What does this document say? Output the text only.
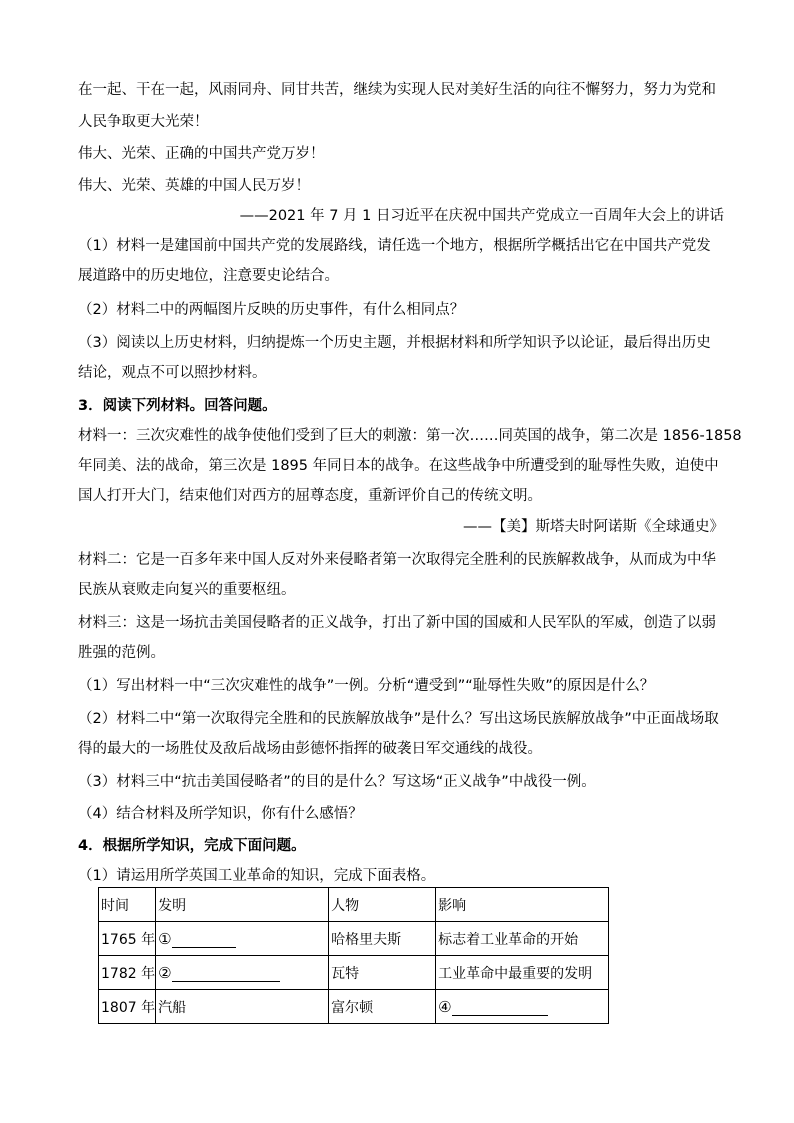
在一起、干在一起，风雨同舟、同甘共苦，继续为实现人民对美好生活的向往不懈努力，努力为党和
人民争取更大光荣！
伟大、光荣、正确的中国共产党万岁！
伟大、光荣、英雄的中国人民万岁！
——2021 年 7 月 1 日习近平在庆祝中国共产党成立一百周年大会上的讲话
（1）材料一是建国前中国共产党的发展路线，请任选一个地方，根据所学概括出它在中国共产党发
展道路中的历史地位，注意要史论结合。
（2）材料二中的两幅图片反映的历史事件，有什么相同点？
（3）阅读以上历史材料，归纳提炼一个历史主题，并根据材料和所学知识予以论证，最后得出历史
结论，观点不可以照抄材料。
3．阅读下列材料。回答问题。
材料一：三次灾难性的战争使他们受到了巨大的刺激：第一次……同英国的战争，第二次是 1856-1858
年同美、法的战命，第三次是 1895 年同日本的战争。在这些战争中所遭受到的耻辱性失败，迫使中
国人打开大门，结束他们对西方的屈尊态度，重新评价自己的传统文明。
——【美】斯塔夫时阿诺斯《全球通史》
材料二：它是一百多年来中国人反对外来侵略者第一次取得完全胜利的民族解救战争，从而成为中华
民族从衰败走向复兴的重要枢纽。
材料三：这是一场抗击美国侵略者的正义战争，打出了新中国的国威和人民军队的军威，创造了以弱
胜强的范例。
（1）写出材料一中“三次灾难性的战争”一例。分析“遭受到”“耻辱性失败”的原因是什么？
（2）材料二中“第一次取得完全胜和的民族解放战争”是什么？写出这场民族解放战争”中正面战场取
得的最大的一场胜仗及敌后战场由彭德怀指挥的破袭日军交通线的战役。
（3）材料三中“抗击美国侵略者”的目的是什么？写这场“正义战争”中战役一例。
（4）结合材料及所学知识，你有什么感悟？
4．根据所学知识，完成下面问题。
（1）请运用所学英国工业革命的知识，完成下面表格。
时间	发明	人物	影响
1765 年	①	哈格里夫斯	标志着工业革命的开始
1782 年	②	瓦特	工业革命中最重要的发明
1807 年	汽船	富尔顿	④
